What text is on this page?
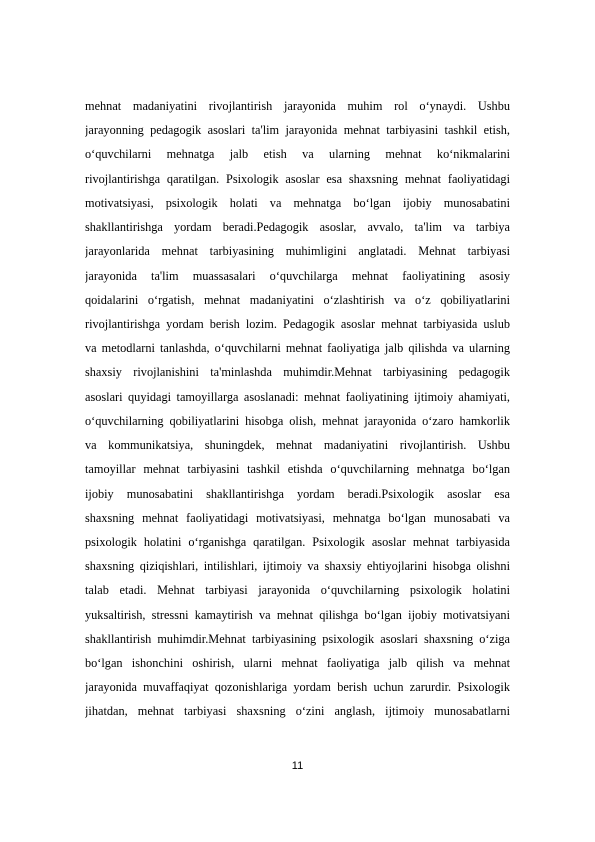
mehnat madaniyatini rivojlantirish jarayonida muhim rol o‘ynaydi. Ushbu
jarayonning pedagogik asoslari ta'lim jarayonida mehnat tarbiyasini tashkil etish,
o‘quvchilarni mehnatga jalb etish va ularning mehnat ko‘nikmalarini
rivojlantirishga qaratilgan. Psixologik asoslar esa shaxsning mehnat faoliyatidagi
motivatsiyasi, psixologik holati va mehnatga bo‘lgan ijobiy munosabatini
shakllantirishga yordam beradi.Pedagogik asoslar, avvalo, ta'lim va tarbiya
jarayonlarida mehnat tarbiyasining muhimligini anglatadi. Mehnat tarbiyasi
jarayonida ta'lim muassasalari o‘quvchilarga mehnat faoliyatining asosiy
qoidalarini o‘rgatish, mehnat madaniyatini o‘zlashtirish va o‘z qobiliyatlarini
rivojlantirishga yordam berish lozim. Pedagogik asoslar mehnat tarbiyasida uslub
va metodlarni tanlashda, o‘quvchilarni mehnat faoliyatiga jalb qilishda va ularning
shaxsiy rivojlanishini ta'minlashda muhimdir.Mehnat tarbiyasining pedagogik
asoslari quyidagi tamoyillarga asoslanadi: mehnat faoliyatining ijtimoiy ahamiyati,
o‘quvchilarning qobiliyatlarini hisobga olish, mehnat jarayonida o‘zaro hamkorlik
va kommunikatsiya, shuningdek, mehnat madaniyatini rivojlantirish. Ushbu
tamoyillar mehnat tarbiyasini tashkil etishda o‘quvchilarning mehnatga bo‘lgan
ijobiy munosabatini shakllantirishga yordam beradi.Psixologik asoslar esa
shaxsning mehnat faoliyatidagi motivatsiyasi, mehnatga bo‘lgan munosabati va
psixologik holatini o‘rganishga qaratilgan. Psixologik asoslar mehnat tarbiyasida
shaxsning qiziqishlari, intilishlari, ijtimoiy va shaxsiy ehtiyojlarini hisobga olishni
talab etadi. Mehnat tarbiyasi jarayonida o‘quvchilarning psixologik holatini
yuksaltirish, stressni kamaytirish va mehnat qilishga bo‘lgan ijobiy motivatsiyani
shakllantirish muhimdir.Mehnat tarbiyasining psixologik asoslari shaxsning o‘ziga
bo‘lgan ishonchini oshirish, ularni mehnat faoliyatiga jalb qilish va mehnat
jarayonida muvaffaqiyat qozonishlariga yordam berish uchun zarurdir. Psixologik
jihatdan, mehnat tarbiyasi shaxsning o‘zini anglash, ijtimoiy munosabatlarni
11
